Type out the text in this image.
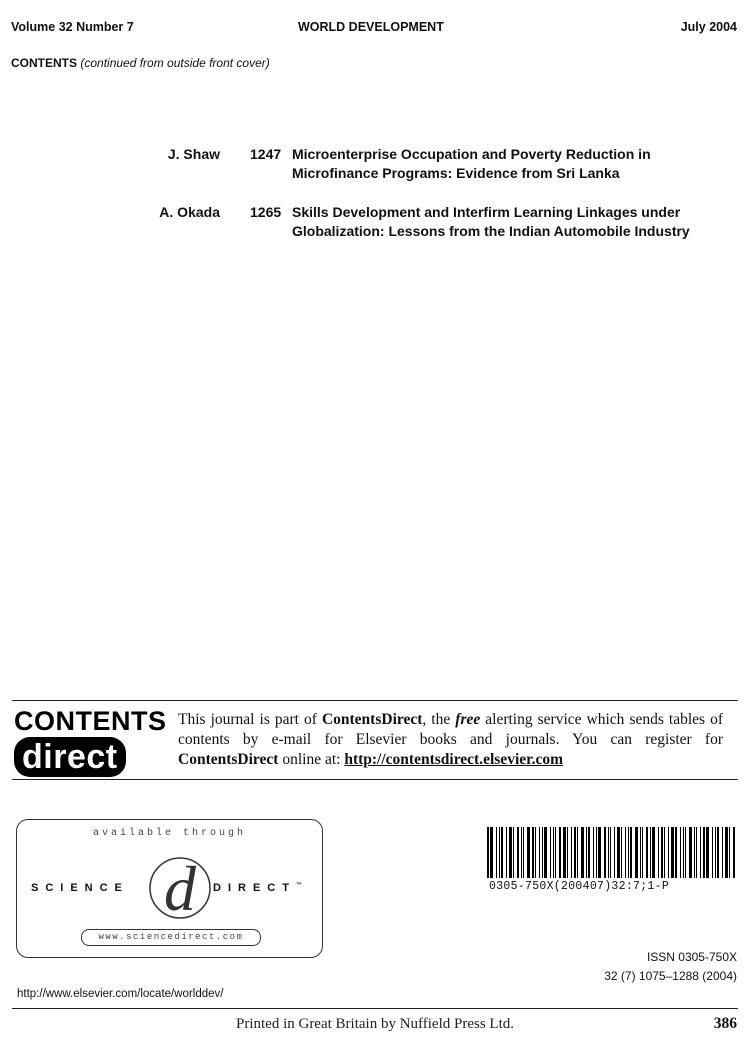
Volume 32 Number 7	WORLD DEVELOPMENT	July 2004
CONTENTS (continued from outside front cover)
J. Shaw 1247 Microenterprise Occupation and Poverty Reduction in
Microfinance Programs: Evidence from Sri Lanka
A. Okada 1265 Skills Development and Interfirm Learning Linkages under
Globalization: Lessons from the Indian Automobile Industry
CONTENTS
direct
This journal is part of ContentsDirect, the free alerting service which sends tables of contents by e-mail for Elsevier books and journals. You can register for ContentsDirect online at: http://contentsdirect.elsevier.com
available through
d
SCIENCE	DIRECT™
www.sciencedirect.com
0305-750X(200407)32:7;1-P
ISSN 0305-750X
32 (7) 1075–1288 (2004)
http://www.elsevier.com/locate/worlddev/
Printed in Great Britain by Nuffield Press Ltd.	386
